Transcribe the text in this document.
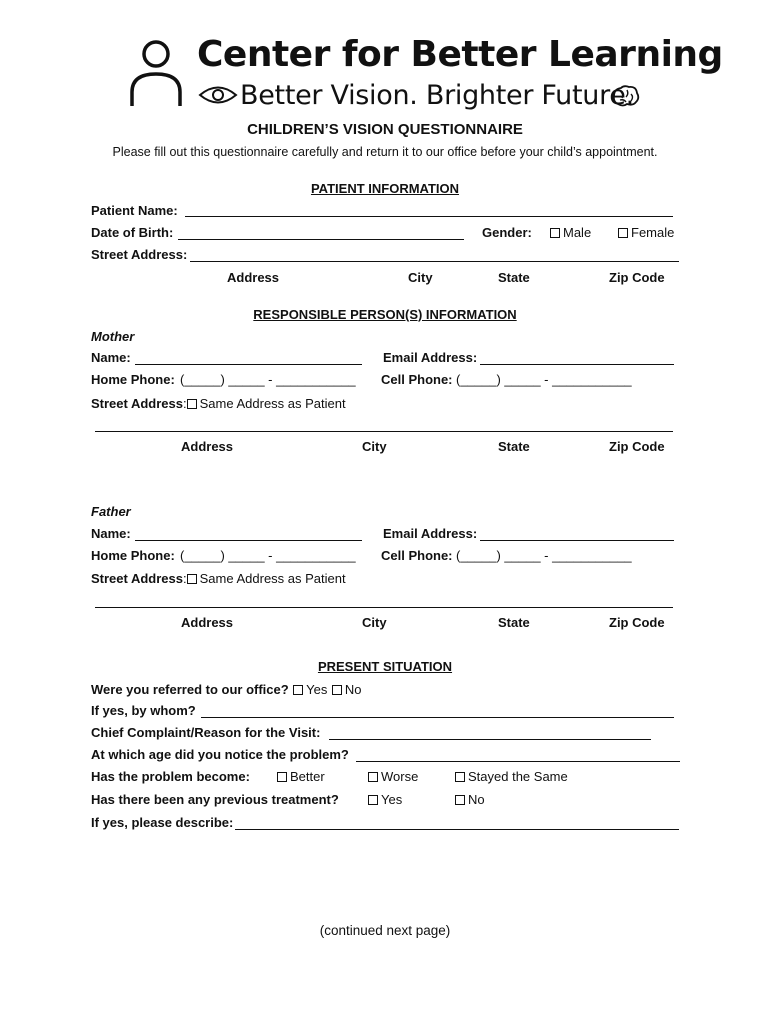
Center for Better Learning
Better Vision. Brighter Future.
CHILDREN’S VISION QUESTIONNAIRE
Please fill out this questionnaire carefully and return it to our office before your child’s appointment.
PATIENT INFORMATION
Patient Name:
Date of Birth:	Gender:	Male	Female
Street Address:
Address	City	State	Zip Code
RESPONSIBLE PERSON(S) INFORMATION
Mother
Name:	Email Address:
Home Phone: (_____) _____ - ___________ Cell Phone: (_____) _____ - ___________
Street Address: Same Address as Patient
Address	City	State	Zip Code
Father
Name:	Email Address:
Home Phone: (_____) _____ - ___________ Cell Phone: (_____) _____ - ___________
Street Address: Same Address as Patient
Address	City	State	Zip Code
PRESENT SITUATION
Were you referred to our office? Yes No
If yes, by whom?
Chief Complaint/Reason for the Visit:
At which age did you notice the problem?
Has the problem become:	Better	Worse	Stayed the Same
Has there been any previous treatment?	Yes	No
If yes, please describe:
(continued next page)
